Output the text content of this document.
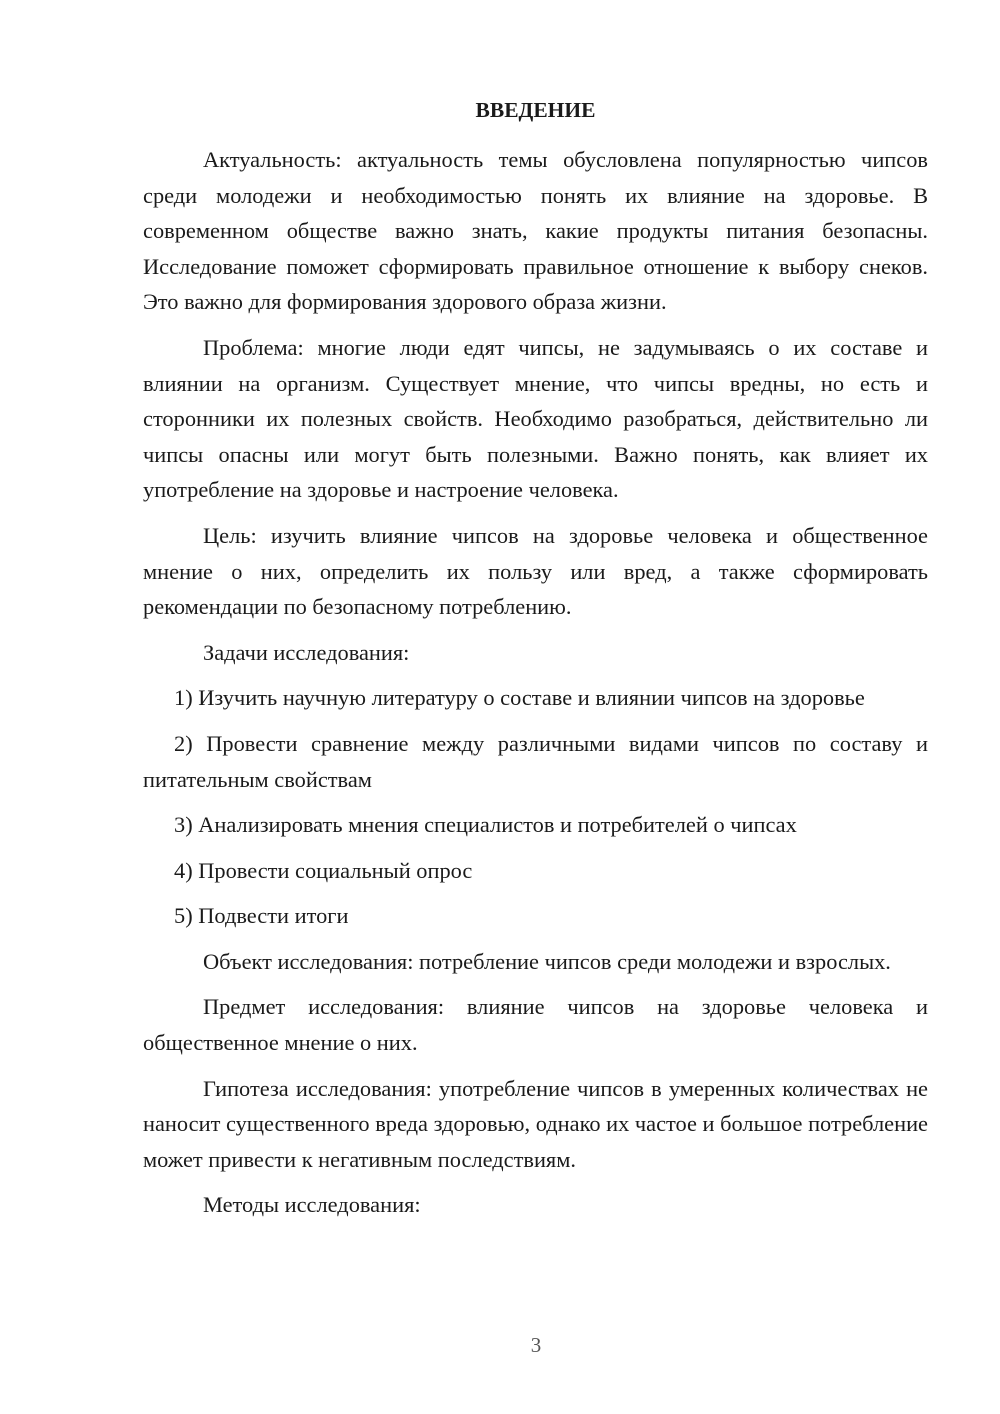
ВВЕДЕНИЕ

Актуальность: актуальность темы обусловлена популярностью чипсов среди молодежи и необходимостью понять их влияние на здоровье. В современном обществе важно знать, какие продукты питания безопасны. Исследование поможет сформировать правильное отношение к выбору снеков. Это важно для формирования здорового образа жизни.

Проблема: многие люди едят чипсы, не задумываясь о их составе и влиянии на организм. Существует мнение, что чипсы вредны, но есть и сторонники их полезных свойств. Необходимо разобраться, действительно ли чипсы опасны или могут быть полезными. Важно понять, как влияет их употребление на здоровье и настроение человека.

Цель: изучить влияние чипсов на здоровье человека и общественное мнение о них, определить их пользу или вред, а также сформировать рекомендации по безопасному потреблению.

Задачи исследования:

1) Изучить научную литературу о составе и влиянии чипсов на здоровье

2) Провести сравнение между различными видами чипсов по составу и питательным свойствам

3) Анализировать мнения специалистов и потребителей о чипсах

4) Провести социальный опрос

5) Подвести итоги

Объект исследования: потребление чипсов среди молодежи и взрослых.

Предмет исследования: влияние чипсов на здоровье человека и общественное мнение о них.

Гипотеза исследования: употребление чипсов в умеренных количествах не наносит существенного вреда здоровью, однако их частое и большое потребление может привести к негативным последствиям.

Методы исследования:

3
